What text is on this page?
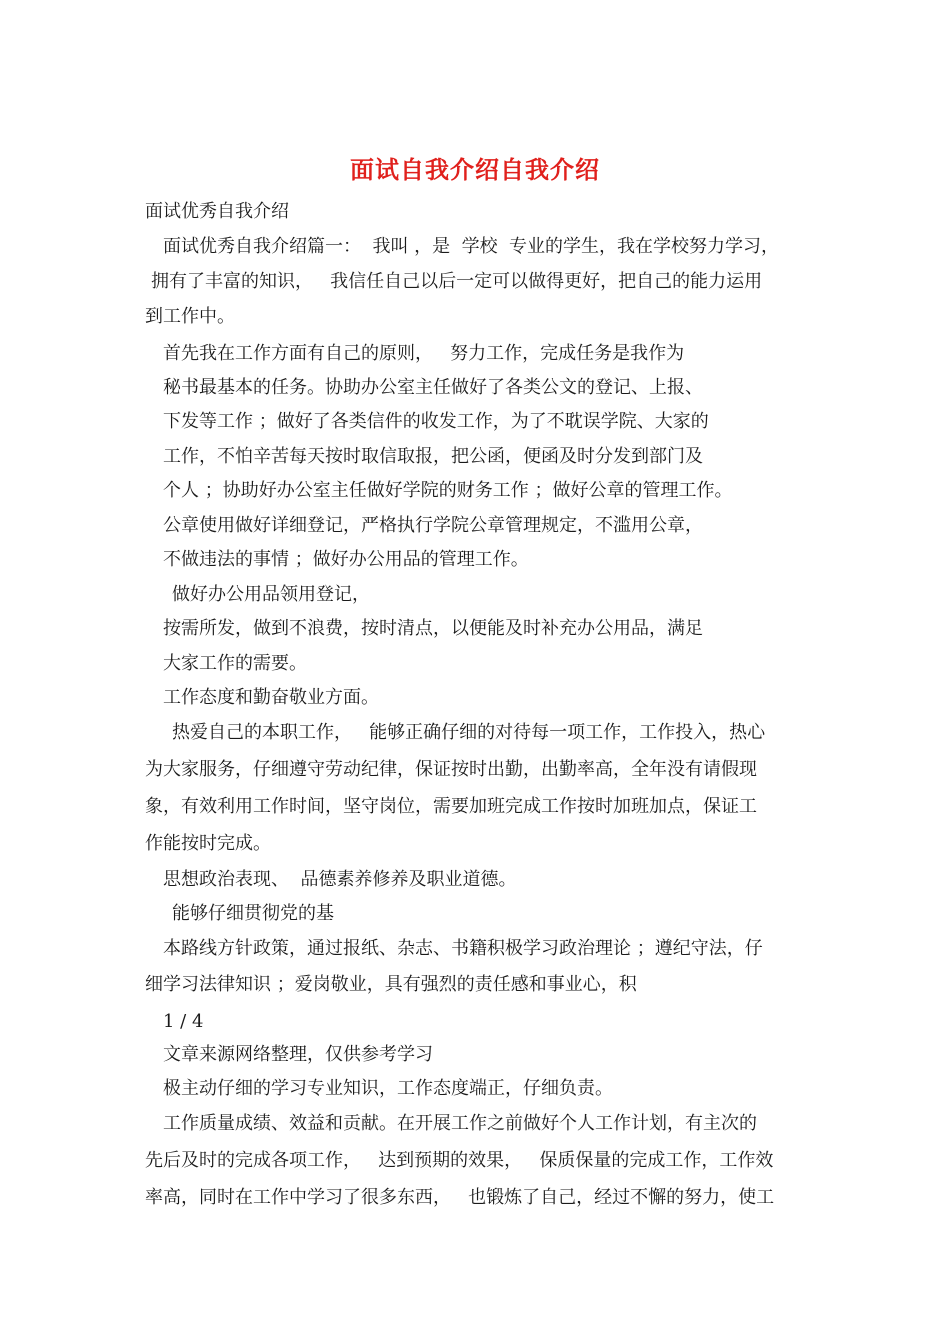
面试自我介绍自我介绍
面试优秀自我介绍
面试优秀自我介绍篇一：  我叫 ，是  学校  专业的学生，我在学校努力学习，
拥有了丰富的知识，   我信任自己以后一定可以做得更好，把自己的能力运用
到工作中。
首先我在工作方面有自己的原则，   努力工作，完成任务是我作为
秘书最基本的任务。协助办公室主任做好了各类公文的登记、上报、
下发等工作 ；做好了各类信件的收发工作，为了不耽误学院、大家的
工作，不怕辛苦每天按时取信取报，把公函，便函及时分发到部门及
个人 ；协助好办公室主任做好学院的财务工作 ；做好公章的管理工作。
公章使用做好详细登记，严格执行学院公章管理规定，不滥用公章，
不做违法的事情 ；做好办公用品的管理工作。
做好办公用品领用登记，
按需所发，做到不浪费，按时清点，以便能及时补充办公用品，满足
大家工作的需要。
工作态度和勤奋敬业方面。
热爱自己的本职工作，   能够正确仔细的对待每一项工作，工作投入，热心
为大家服务，仔细遵守劳动纪律，保证按时出勤，出勤率高，全年没有请假现
象，有效利用工作时间，坚守岗位，需要加班完成工作按时加班加点，保证工
作能按时完成。
思想政治表现、  品德素养修养及职业道德。
能够仔细贯彻党的基
本路线方针政策，通过报纸、杂志、书籍积极学习政治理论 ；遵纪守法，仔
细学习法律知识 ；爱岗敬业，具有强烈的责任感和事业心，积
1 / 4
文章来源网络整理，仅供参考学习
极主动仔细的学习专业知识，工作态度端正，仔细负责。
工作质量成绩、效益和贡献。在开展工作之前做好个人工作计划，有主次的
先后及时的完成各项工作，   达到预期的效果，   保质保量的完成工作，工作效
率高，同时在工作中学习了很多东西，   也锻炼了自己，经过不懈的努力，使工
